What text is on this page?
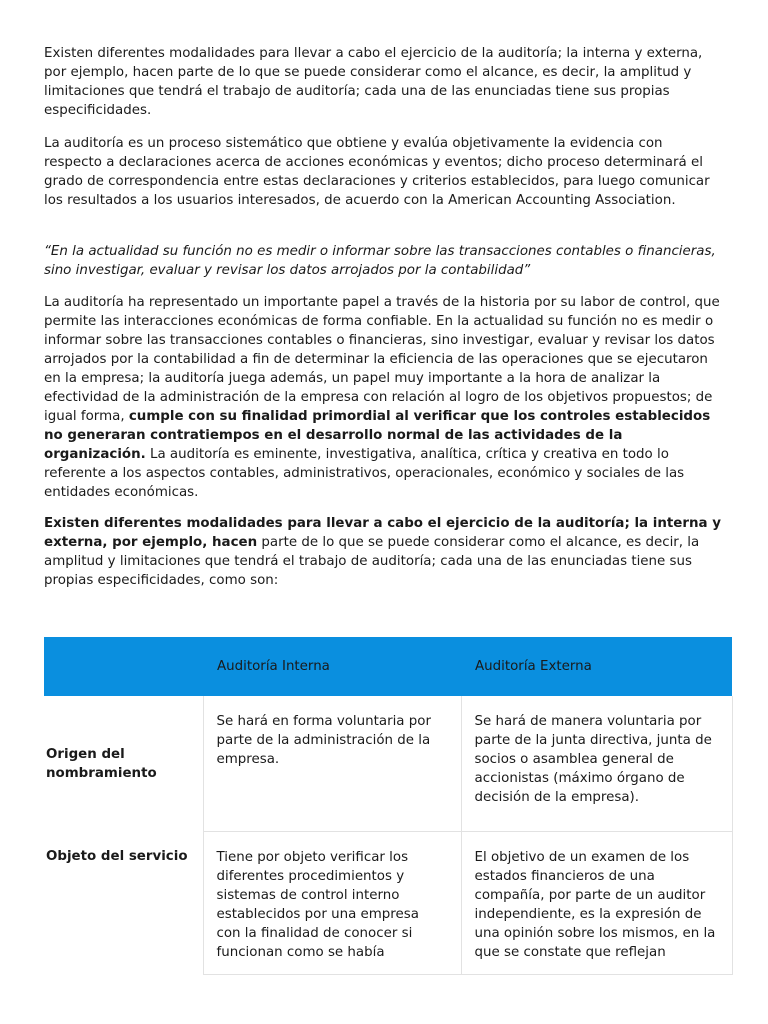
Existen diferentes modalidades para llevar a cabo el ejercicio de la auditoría; la interna y externa, por ejemplo, hacen parte de lo que se puede considerar como el alcance, es decir, la amplitud y limitaciones que tendrá el trabajo de auditoría; cada una de las enunciadas tiene sus propias especificidades.

La auditoría es un proceso sistemático que obtiene y evalúa objetivamente la evidencia con respecto a declaraciones acerca de acciones económicas y eventos; dicho proceso determinará el grado de correspondencia entre estas declaraciones y criterios establecidos, para luego comunicar los resultados a los usuarios interesados, de acuerdo con la American Accounting Association.

“En la actualidad su función no es medir o informar sobre las transacciones contables o financieras, sino investigar, evaluar y revisar los datos arrojados por la contabilidad”

La auditoría ha representado un importante papel a través de la historia por su labor de control, que permite las interacciones económicas de forma confiable. En la actualidad su función no es medir o informar sobre las transacciones contables o financieras, sino investigar, evaluar y revisar los datos arrojados por la contabilidad a fin de determinar la eficiencia de las operaciones que se ejecutaron en la empresa; la auditoría juega además, un papel muy importante a la hora de analizar la efectividad de la administración de la empresa con relación al logro de los objetivos propuestos; de igual forma, cumple con su finalidad primordial al verificar que los controles establecidos no generaran contratiempos en el desarrollo normal de las actividades de la organización. La auditoría es eminente, investigativa, analítica, crítica y creativa en todo lo referente a los aspectos contables, administrativos, operacionales, económico y sociales de las entidades económicas.

Existen diferentes modalidades para llevar a cabo el ejercicio de la auditoría; la interna y externa, por ejemplo, hacen parte de lo que se puede considerar como el alcance, es decir, la amplitud y limitaciones que tendrá el trabajo de auditoría; cada una de las enunciadas tiene sus propias especificidades, como son:

	Auditoría Interna	Auditoría Externa
Origen del nombramiento	Se hará en forma voluntaria por parte de la administración de la empresa.	Se hará de manera voluntaria por parte de la junta directiva, junta de socios o asamblea general de accionistas (máximo órgano de decisión de la empresa).
Objeto del servicio	Tiene por objeto verificar los diferentes procedimientos y sistemas de control interno establecidos por una empresa con la finalidad de conocer si funcionan como se había	El objetivo de un examen de los estados financieros de una compañía, por parte de un auditor independiente, es la expresión de una opinión sobre los mismos, en la que se constate que reflejan
